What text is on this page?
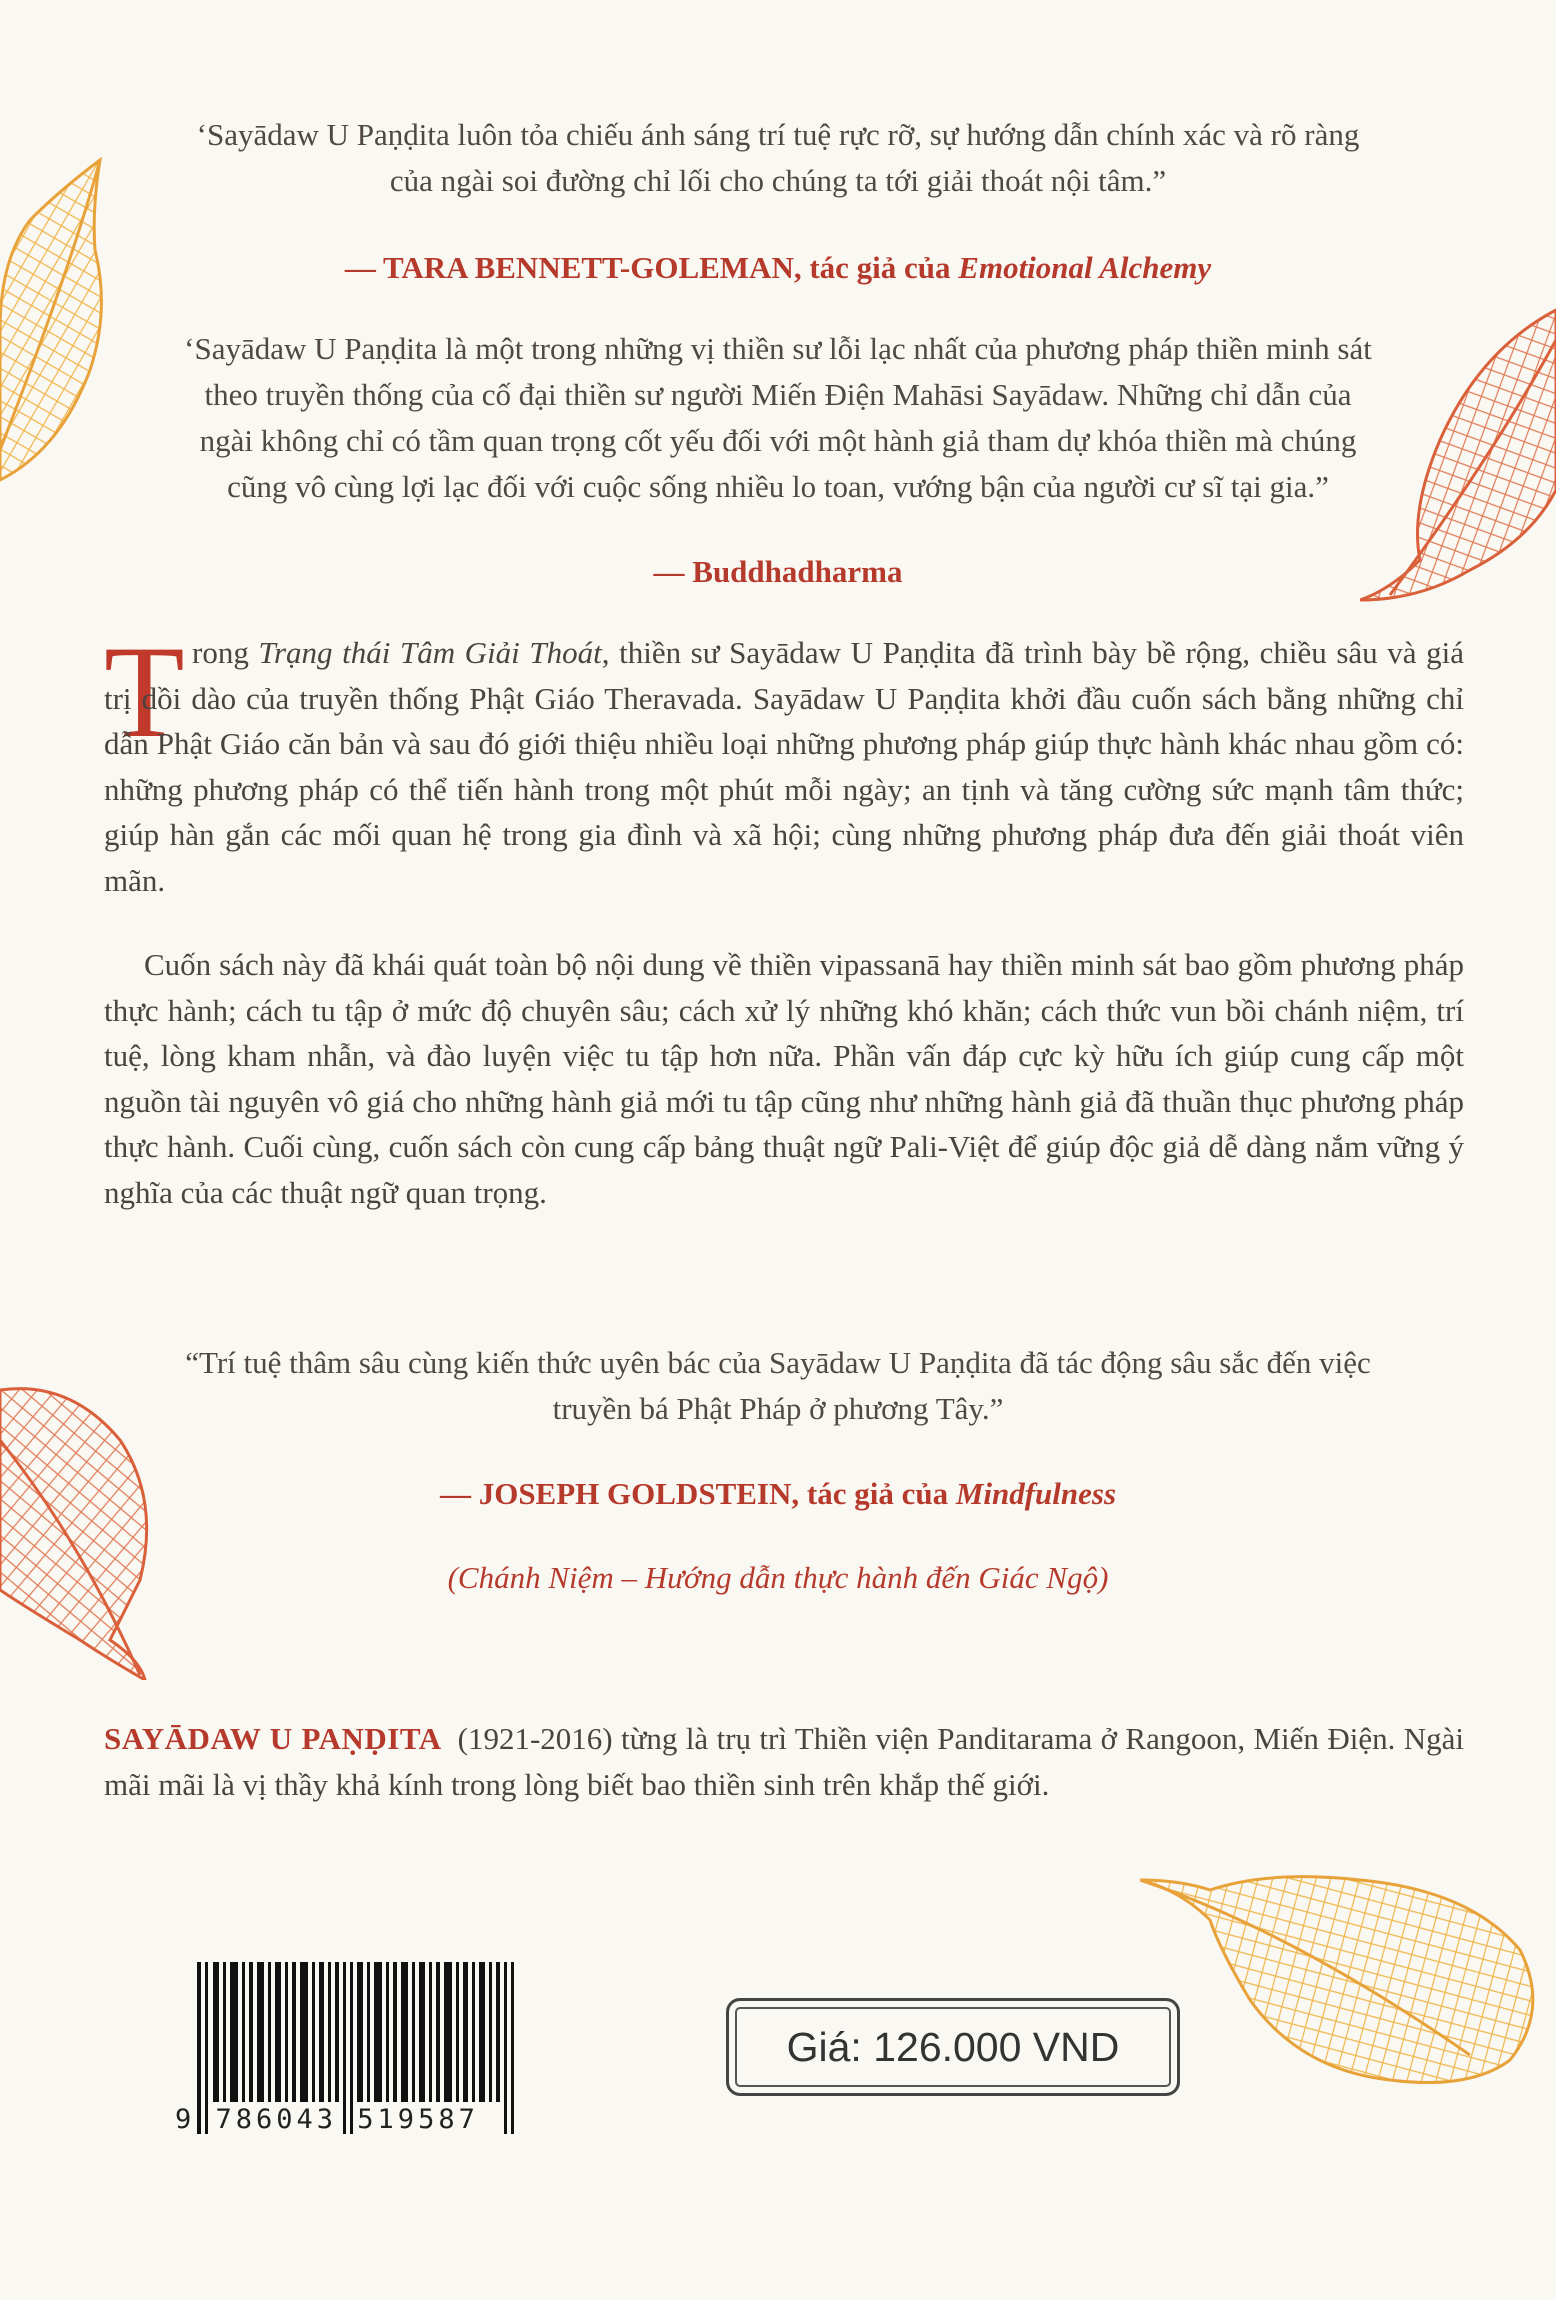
‘Sayādaw U Paṇḍita luôn tỏa chiếu ánh sáng trí tuệ rực rỡ, sự hướng dẫn chính xác và rõ ràng
của ngài soi đường chỉ lối cho chúng ta tới giải thoát nội tâm.”
— TARA BENNETT-GOLEMAN, tác giả của Emotional Alchemy
‘Sayādaw U Paṇḍita là một trong những vị thiền sư lỗi lạc nhất của phương pháp thiền minh sát
theo truyền thống của cố đại thiền sư người Miến Điện Mahāsi Sayādaw. Những chỉ dẫn của
ngài không chỉ có tầm quan trọng cốt yếu đối với một hành giả tham dự khóa thiền mà chúng
cũng vô cùng lợi lạc đối với cuộc sống nhiều lo toan, vướng bận của người cư sĩ tại gia.”
— Buddhadharma
T rong Trạng thái Tâm Giải Thoát, thiền sư Sayādaw U Paṇḍita đã trình bày bề rộng, chiều sâu và giá trị dồi dào của truyền thống Phật Giáo Theravada. Sayādaw U Paṇḍita khởi đầu cuốn sách bằng những chỉ dẫn Phật Giáo căn bản và sau đó giới thiệu nhiều loại những phương pháp giúp thực hành khác nhau gồm có: những phương pháp có thể tiến hành trong một phút mỗi ngày; an tịnh và tăng cường sức mạnh tâm thức; giúp hàn gắn các mối quan hệ trong gia đình và xã hội; cùng những phương pháp đưa đến giải thoát viên mãn.
Cuốn sách này đã khái quát toàn bộ nội dung về thiền vipassanā hay thiền minh sát bao gồm phương pháp thực hành; cách tu tập ở mức độ chuyên sâu; cách xử lý những khó khăn; cách thức vun bồi chánh niệm, trí tuệ, lòng kham nhẫn, và đào luyện việc tu tập hơn nữa. Phần vấn đáp cực kỳ hữu ích giúp cung cấp một nguồn tài nguyên vô giá cho những hành giả mới tu tập cũng như những hành giả đã thuần thục phương pháp thực hành. Cuối cùng, cuốn sách còn cung cấp bảng thuật ngữ Pali-Việt để giúp độc giả dễ dàng nắm vững ý nghĩa của các thuật ngữ quan trọng.
“Trí tuệ thâm sâu cùng kiến thức uyên bác của Sayādaw U Paṇḍita đã tác động sâu sắc đến việc
truyền bá Phật Pháp ở phương Tây.”
— JOSEPH GOLDSTEIN, tác giả của Mindfulness
(Chánh Niệm – Hướng dẫn thực hành đến Giác Ngộ)
SAYĀDAW U PAṆḌITA (1921-2016) từng là trụ trì Thiền viện Panditarama ở Rangoon, Miến Điện. Ngài mãi mãi là vị thầy khả kính trong lòng biết bao thiền sinh trên khắp thế giới.
9 786043 519587
Giá: 126.000 VND
